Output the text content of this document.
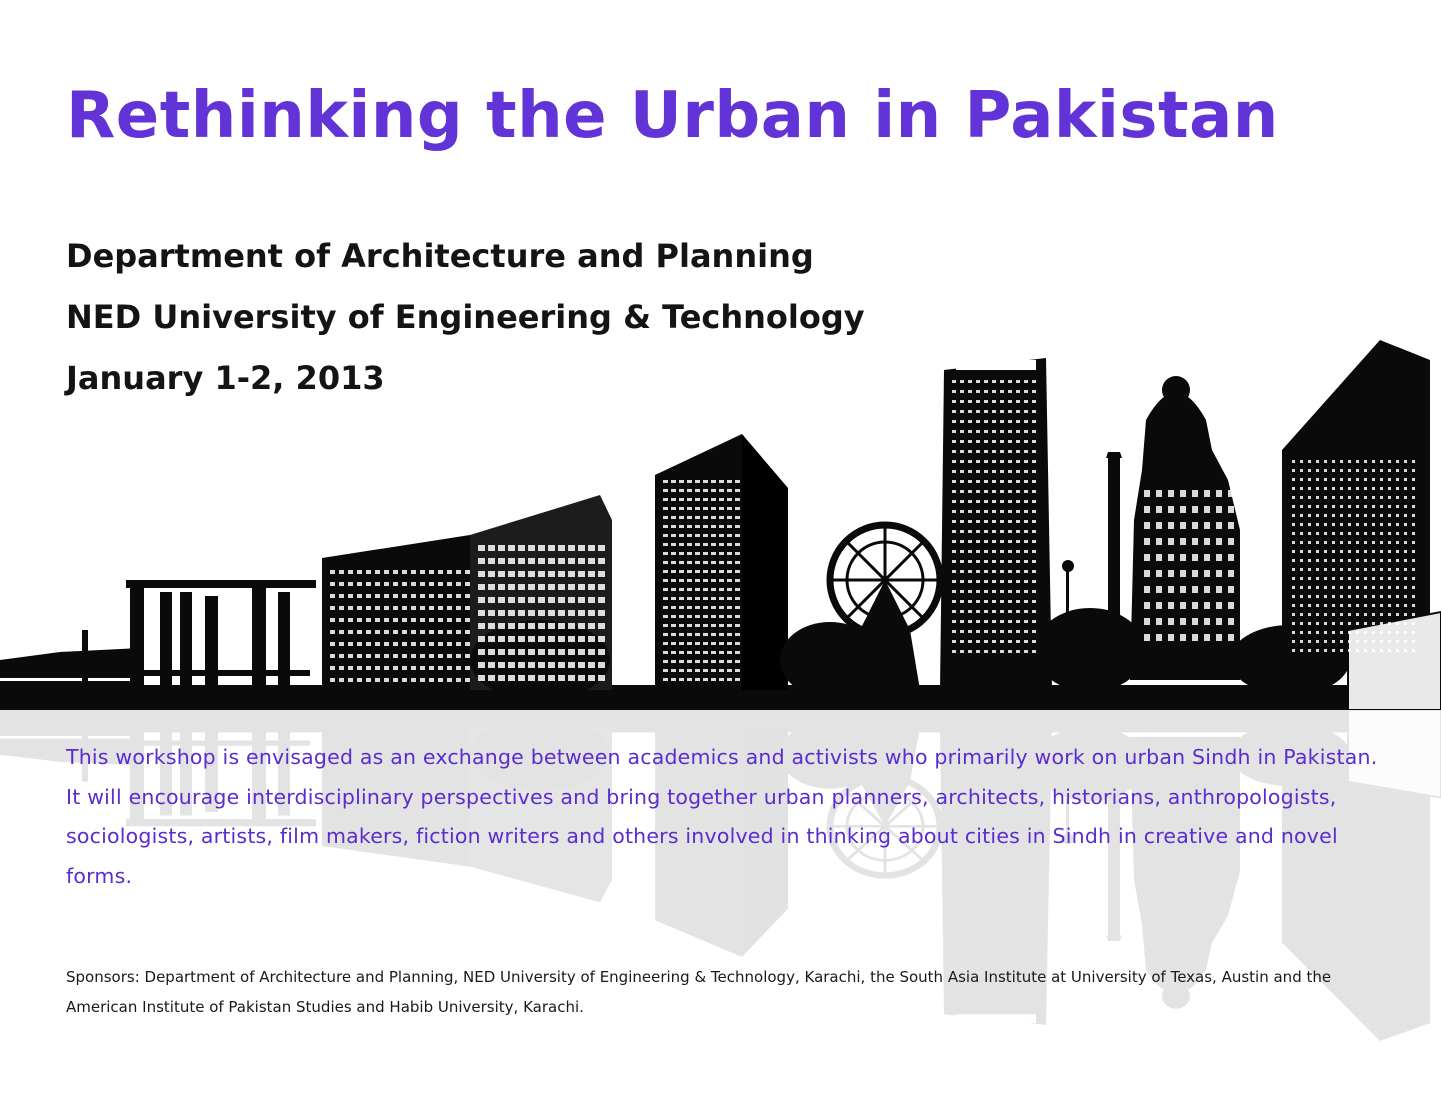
Rethinking the Urban in Pakistan

Department of Architecture and Planning

NED University of Engineering & Technology

January 1-2, 2013

This workshop is envisaged as an exchange between academics and activists who primarily work on urban Sindh in Pakistan. It will encourage interdisciplinary perspectives and bring together urban planners, architects, historians, anthropologists, sociologists, artists, film makers, fiction writers and others involved in thinking about cities in Sindh in creative and novel forms.

Sponsors: Department of Architecture and Planning, NED University of Engineering & Technology, Karachi, the South Asia Institute at University of Texas, Austin and the American Institute of Pakistan Studies and Habib University, Karachi.
